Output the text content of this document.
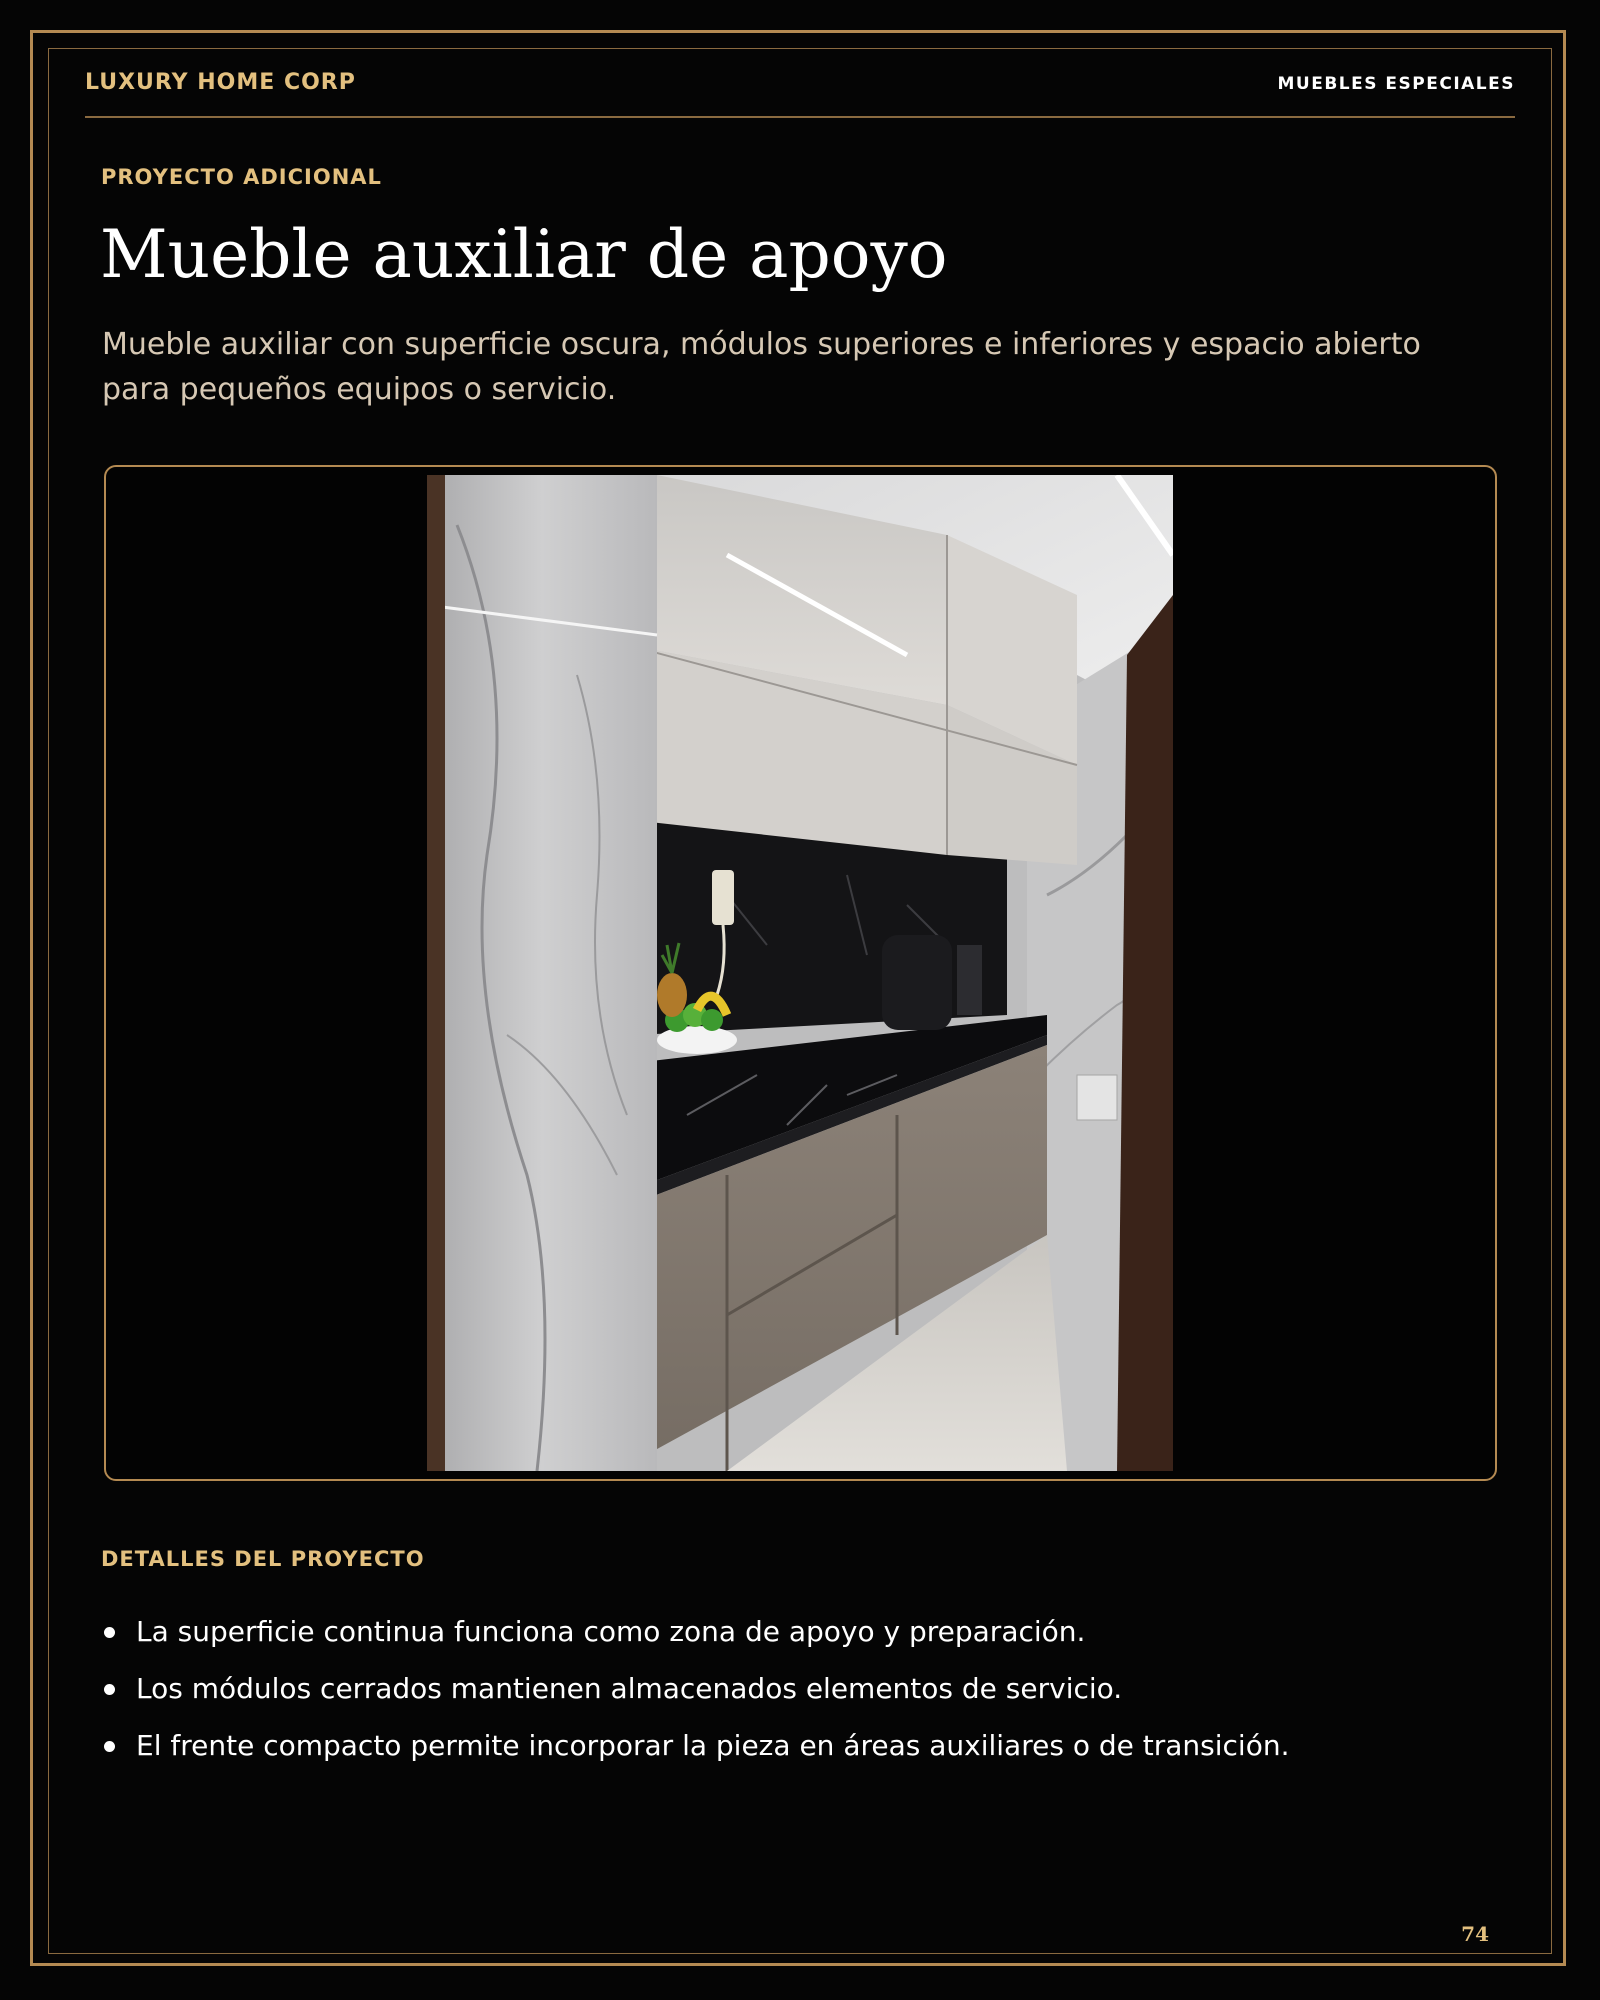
LUXURY HOME CORP	MUEBLES ESPECIALES
PROYECTO ADICIONAL
Mueble auxiliar de apoyo
Mueble auxiliar con superficie oscura, módulos superiores e inferiores y espacio abierto para pequeños equipos o servicio.
DETALLES DEL PROYECTO
La superficie continua funciona como zona de apoyo y preparación.
Los módulos cerrados mantienen almacenados elementos de servicio.
El frente compacto permite incorporar la pieza en áreas auxiliares o de transición.
74
